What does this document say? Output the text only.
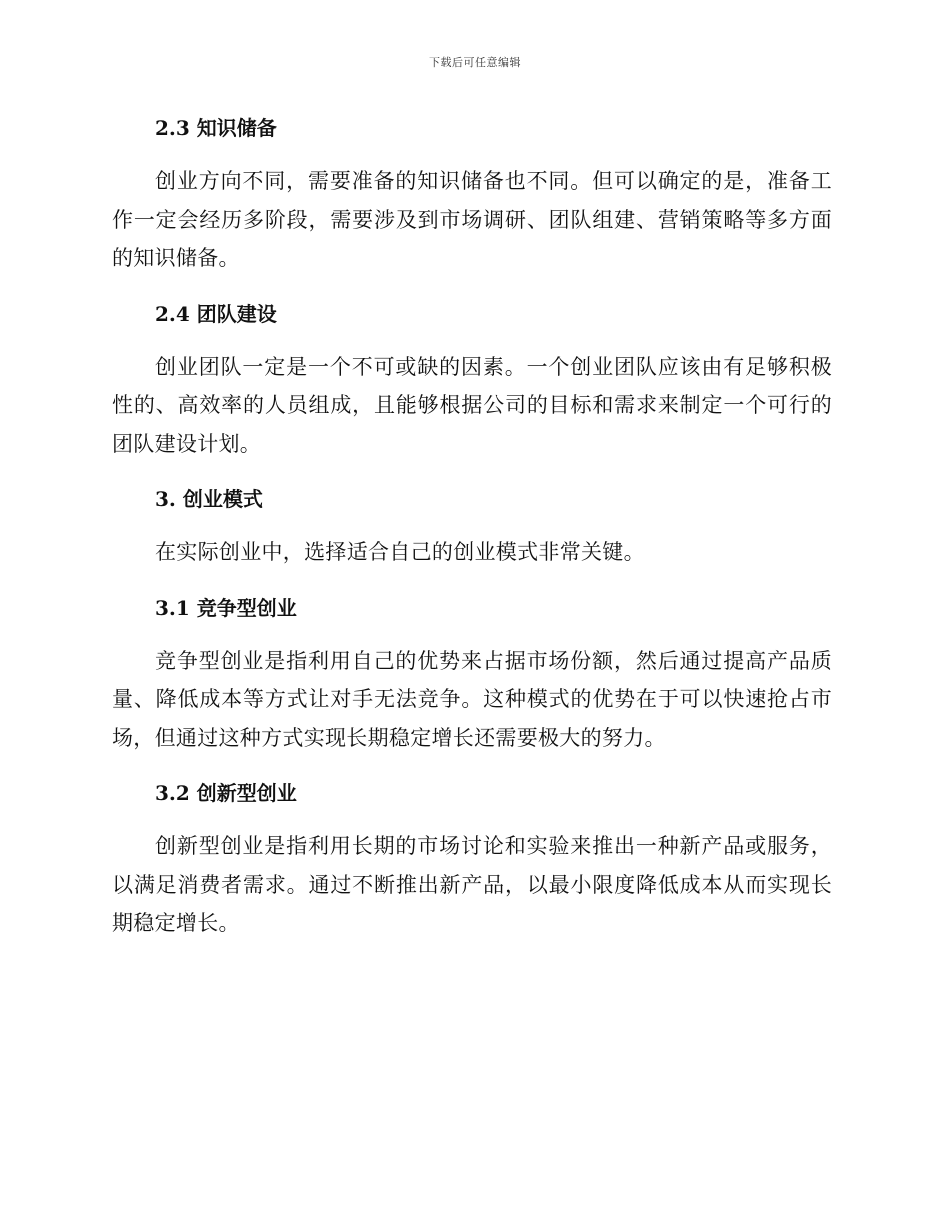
下载后可任意编辑
2.3 知识储备

创业方向不同，需要准备的知识储备也不同。但可以确定的是，准备工作一定会经历多阶段，需要涉及到市场调研、团队组建、营销策略等多方面的知识储备。

2.4 团队建设

创业团队一定是一个不可或缺的因素。一个创业团队应该由有足够积极性的、高效率的人员组成，且能够根据公司的目标和需求来制定一个可行的团队建设计划。

3. 创业模式

在实际创业中，选择适合自己的创业模式非常关键。

3.1 竞争型创业

竞争型创业是指利用自己的优势来占据市场份额，然后通过提高产品质量、降低成本等方式让对手无法竞争。这种模式的优势在于可以快速抢占市场，但通过这种方式实现长期稳定增长还需要极大的努力。

3.2 创新型创业

创新型创业是指利用长期的市场讨论和实验来推出一种新产品或服务，以满足消费者需求。通过不断推出新产品，以最小限度降低成本从而实现长期稳定增长。
